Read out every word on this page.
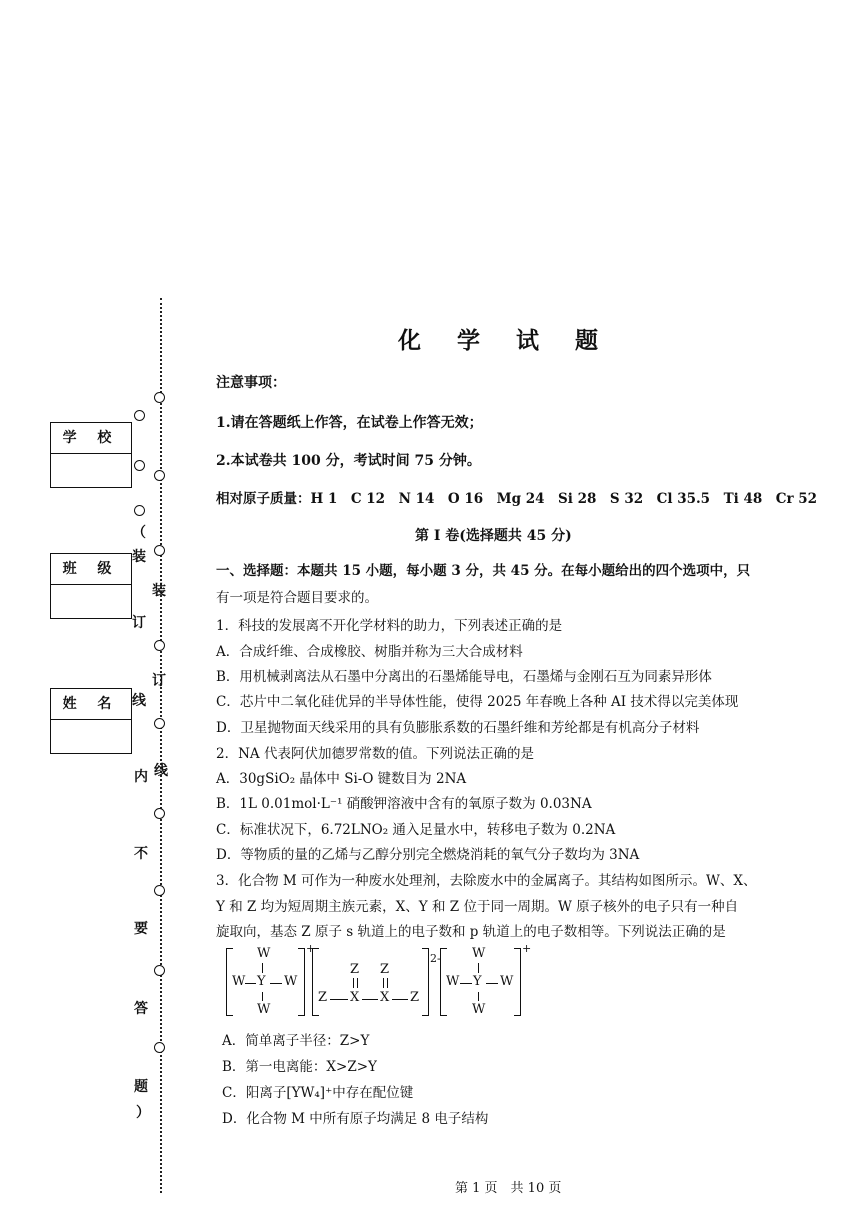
（
装
订
线
内
不
要
答
题
）
装
订
线
学 校
班 级
姓 名
化 学 试 题
注意事项：
1.请在答题纸上作答，在试卷上作答无效；
2.本试卷共 100 分，考试时间 75 分钟。
相对原子质量：H 1　C 12　N 14　O 16　Mg 24　Si 28　S 32　Cl 35.5　Ti 48　Cr 52
第 I 卷(选择题共 45 分)
一、选择题：本题共 15 小题，每小题 3 分，共 45 分。在每小题给出的四个选项中，只
有一项是符合题目要求的。
1．科技的发展离不开化学材料的助力，下列表述正确的是
A．合成纤维、合成橡胶、树脂并称为三大合成材料
B．用机械剥离法从石墨中分离出的石墨烯能导电，石墨烯与金刚石互为同素异形体
C．芯片中二氧化硅优异的半导体性能，使得 2025 年春晚上各种 AI 技术得以完美体现
D．卫星抛物面天线采用的具有负膨胀系数的石墨纤维和芳纶都是有机高分子材料
2．NA 代表阿伏加德罗常数的值。下列说法正确的是
A．30gSiO₂ 晶体中 Si-O 键数目为 2NA
B．1L 0.01mol·L⁻¹ 硝酸钾溶液中含有的氧原子数为 0.03NA
C．标准状况下，6.72LNO₂ 通入足量水中，转移电子数为 0.2NA
D．等物质的量的乙烯与乙醇分别完全燃烧消耗的氧气分子数均为 3NA
3．化合物 M 可作为一种废水处理剂，去除废水中的金属离子。其结构如图所示。W、X、
Y 和 Z 均为短周期主族元素，X、Y 和 Z 位于同一周期。W 原子核外的电子只有一种自
旋取向，基态 Z 原子 s 轨道上的电子数和 p 轨道上的电子数相等。下列说法正确的是
W
W Y W
W
+
Z Z
Z X X Z
2- W
W Y W
W
+
A．简单离子半径：Z>Y
B．第一电离能：X>Z>Y
C．阳离子[YW₄]⁺中存在配位键
D．化合物 M 中所有原子均满足 8 电子结构
第 1 页　共 10 页
